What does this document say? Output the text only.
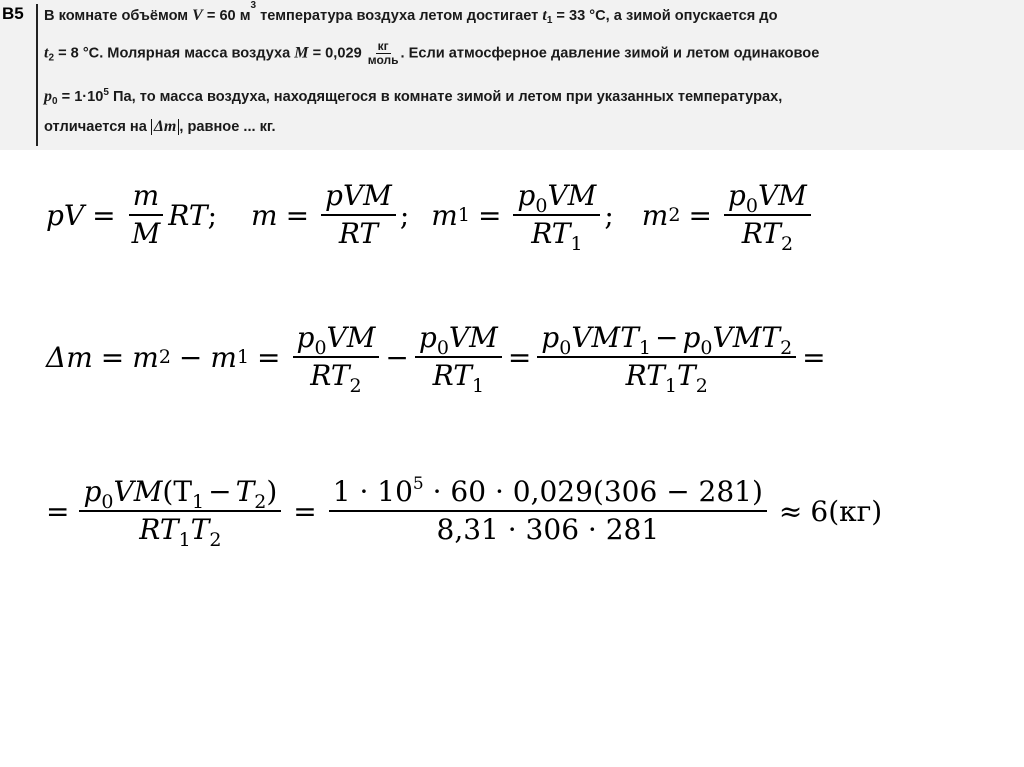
B5 В комнате объёмом V = 60 $м^3$ температура воздуха летом достигает $t_1 = 33$ °C, а зимой опускается до
$t_2 = 8$ °C. Молярная масса воздуха M = 0,029 кг
моль . Если атмосферное давление зимой и летом одинаковое
$p_0 = 1\cdot 10^5$ Па, то масса воздуха, находящегося в комнате зимой и летом при указанных температурах,
отличается на Δm , равное ... кг.
pV = $\frac{m}{M}$ RT ; $m = \frac{\text{pVM}}{RT}$ ; m $1 = \frac{p_0VM}{RT_1}$ ; m $2 = \frac{p_0VM}{RT_2}$
Δm = m 2 − m $1 = \frac{p_0VM}{RT_2} - \frac{p_0VM}{RT_1} = \frac{p_0VMT_1 - p_0VMT_2}{RT_1T_2}$ =
= $\frac{p_0VM(T_1 - T_2)}{RT_1T_2} = \frac{1 \cdot 10^5 \cdot 60 \cdot 0,029(306 - 281)}{8,31 \cdot 306 \cdot 281} \approx 6(кг)$
